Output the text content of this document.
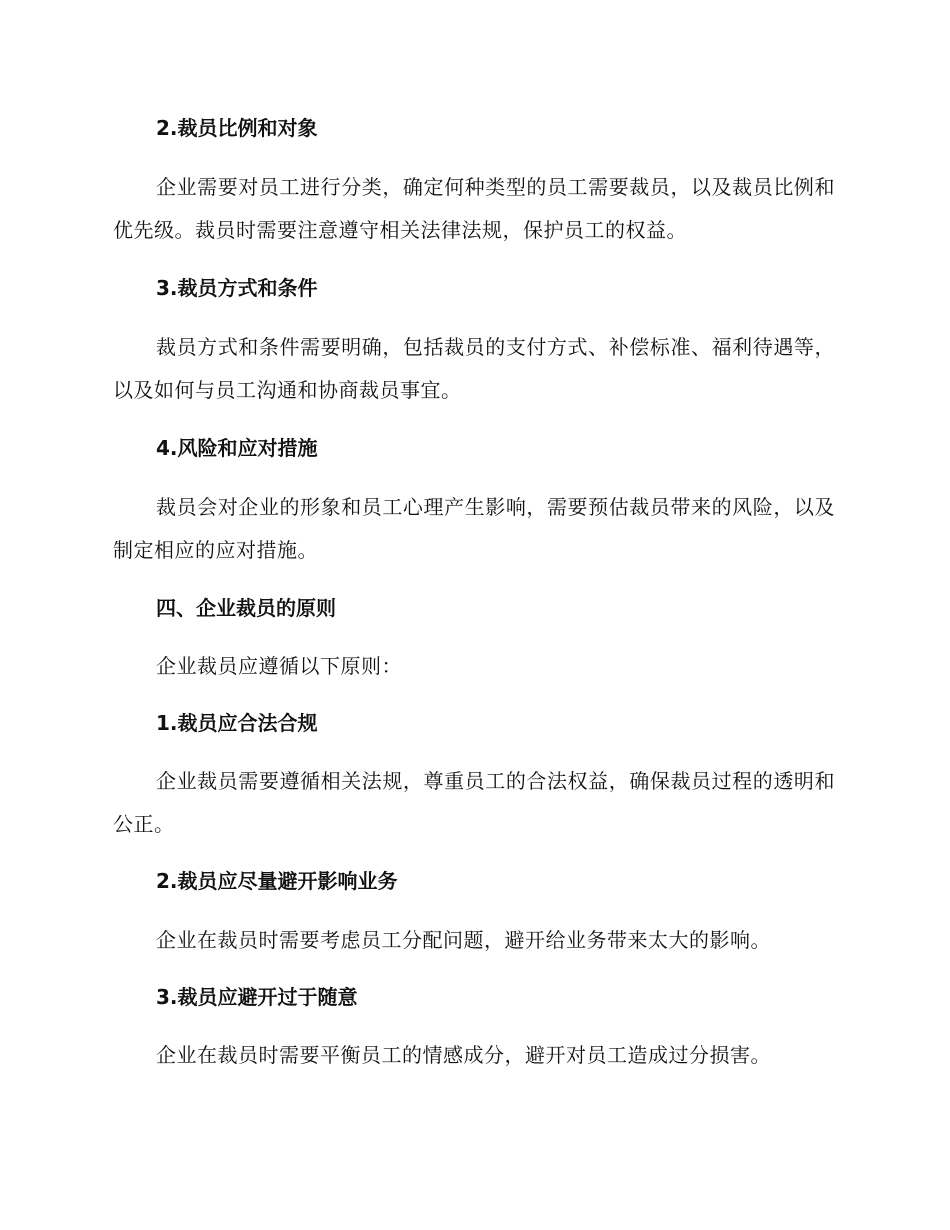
2.裁员比例和对象

企业需要对员工进行分类，确定何种类型的员工需要裁员，以及裁员比例和优先级。裁员时需要注意遵守相关法律法规，保护员工的权益。

3.裁员方式和条件

裁员方式和条件需要明确，包括裁员的支付方式、补偿标准、福利待遇等，以及如何与员工沟通和协商裁员事宜。

4.风险和应对措施

裁员会对企业的形象和员工心理产生影响，需要预估裁员带来的风险，以及制定相应的应对措施。

四、企业裁员的原则

企业裁员应遵循以下原则：

1.裁员应合法合规

企业裁员需要遵循相关法规，尊重员工的合法权益，确保裁员过程的透明和公正。

2.裁员应尽量避开影响业务

企业在裁员时需要考虑员工分配问题，避开给业务带来太大的影响。

3.裁员应避开过于随意

企业在裁员时需要平衡员工的情感成分，避开对员工造成过分损害。
